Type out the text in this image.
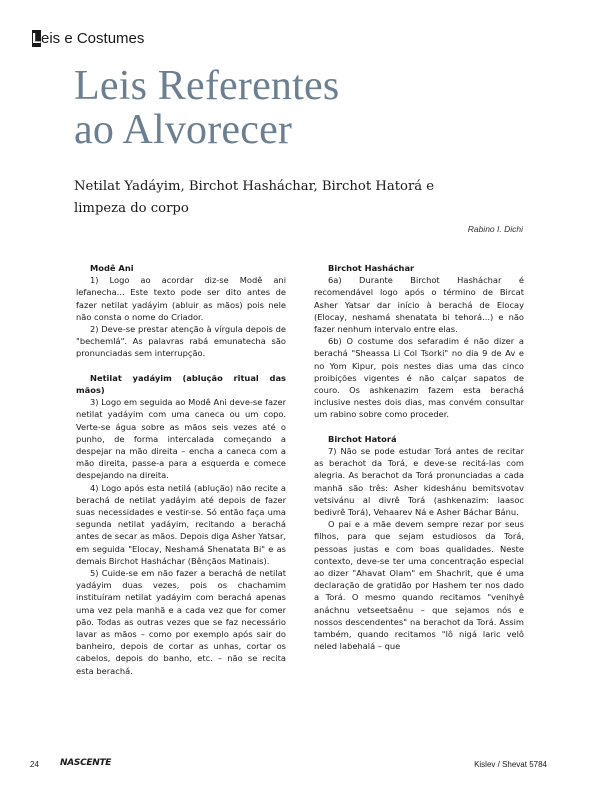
L eis e Costumes
Leis Referentes
ao Alvorecer
Netilat Yadáyim, Birchot Hasháchar, Birchot Hatorá e
limpeza do corpo
Rabino I. Dichi

Modê Ani

1) Logo ao acordar diz-se Modê ani lefanecha... Este texto pode ser dito antes de fazer netilat yadáyim (abluir as mãos) pois nele não consta o nome do Criador.

2) Deve-se prestar atenção à vírgula depois de "bechemlá". As palavras rabá emunatecha são pronunciadas sem interrupção.

Netilat yadáyim (ablução ritual das mãos)

3) Logo em seguida ao Modê Ani deve-se fazer netilat yadáyim com uma caneca ou um copo. Verte-se água sobre as mãos seis vezes até o punho, de forma intercalada começando a despejar na mão direita – encha a caneca com a mão direita, passe-a para a esquerda e comece despejando na direita.

4) Logo após esta netilá (ablução) não recite a berachá de netilat yadáyim até depois de fazer suas necessidades e vestir-se. Só então faça uma segunda netilat yadáyim, recitando a berachá antes de secar as mãos. Depois diga Asher Yatsar, em seguida "Elocay, Neshamá Shenatata Bi" e as demais Birchot Hasháchar (Bênçãos Matinais).

5) Cuide-se em não fazer a berachá de netilat yadáyim duas vezes, pois os chachamim instituíram netilat yadáyim com berachá apenas uma vez pela manhã e a cada vez que for comer pão. Todas as outras vezes que se faz necessário lavar as mãos – como por exemplo após sair do banheiro, depois de cortar as unhas, cortar os cabelos, depois do banho, etc. – não se recita esta berachá.

Birchot Hasháchar

6a) Durante Birchot Hasháchar é recomendável logo após o término de Bircat Asher Yatsar dar início à berachá de Elocay (Elocay, neshamá shenatata bi tehorá...) e não fazer nenhum intervalo entre elas.

6b) O costume dos sefaradim é não dizer a berachá "Sheassa Li Col Tsorki" no dia 9 de Av e no Yom Kipur, pois nestes dias uma das cinco proibições vigentes é não calçar sapatos de couro. Os ashkenazim fazem esta berachá inclusive nestes dois dias, mas convém consultar um rabino sobre como proceder.

Birchot Hatorá

7) Não se pode estudar Torá antes de recitar as berachot da Torá, e deve-se recitá-las com alegria. As berachot da Torá pronunciadas a cada manhã são três: Asher kideshánu bemitsvotav vetsivánu al divrê Torá (ashkenazim: laasoc bedivrê Torá), Vehaarev Ná e Asher Báchar Bánu.

O pai e a mãe devem sempre rezar por seus filhos, para que sejam estudiosos da Torá, pessoas justas e com boas qualidades. Neste contexto, deve-se ter uma concentração especial ao dizer "Ahavat Olam" em Shachrit, que é uma declaração de gratidão por Hashem ter nos dado a Torá. O mesmo quando recitamos "venihyê anáchnu vetseetsaênu – que sejamos nós e nossos descendentes" na berachot da Torá. Assim também, quando recitamos "lô nigá laric velô neled labehalá – que

24 NASCENTE	Kislev / Shevat 5784
